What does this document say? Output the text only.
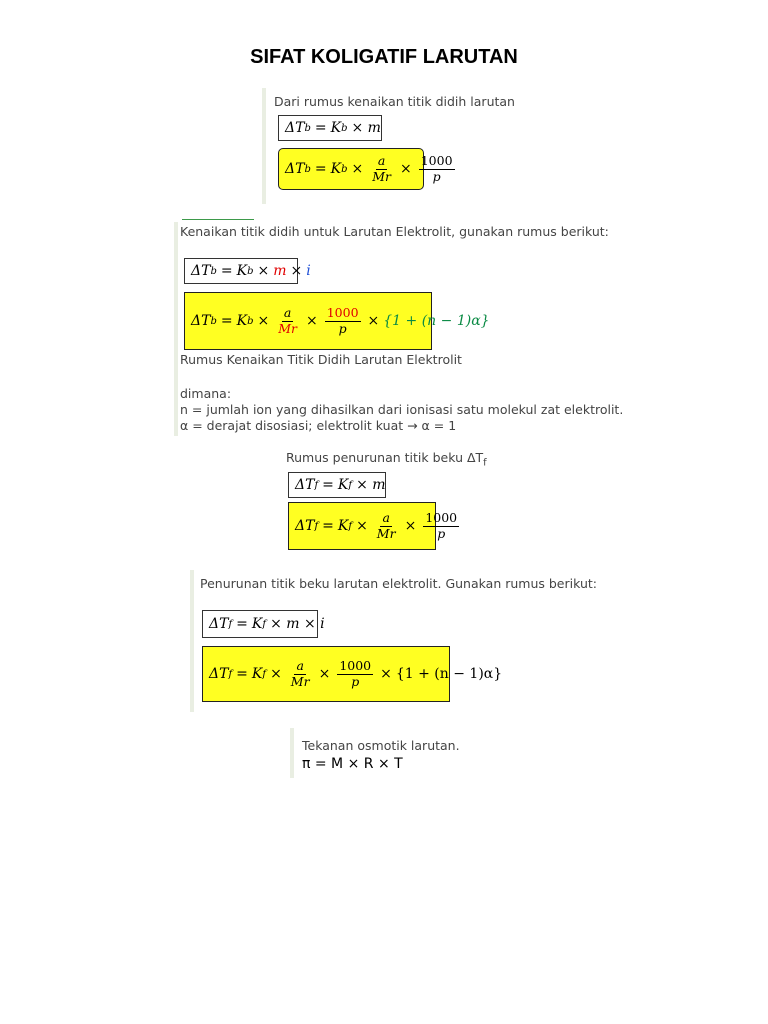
SIFAT KOLIGATIF LARUTAN
Dari rumus kenaikan titik didih larutan
ΔT b = K b × m
ΔT b = K $b \times \frac{a}{Mr} \times \frac{1000}{p}$
Kenaikan titik didih untuk Larutan Elektrolit, gunakan rumus berikut:
ΔT b = K b × m × i
ΔT b = K $b \times \frac{a}{Mr} \times \frac{1000}{p} \times \{1 + (n - 1)\alpha\}$
Rumus Kenaikan Titik Didih Larutan Elektrolit
dimana:
n = jumlah ion yang dihasilkan dari ionisasi satu molekul zat elektrolit.
α = derajat disosiasi; elektrolit kuat → α = 1
Rumus penurunan titik beku $\Delta T_f$
ΔT f = K f × m
ΔT f = K $f \times \frac{a}{Mr} \times \frac{1000}{p}$
Penurunan titik beku larutan elektrolit. Gunakan rumus berikut:
ΔT f = K f × m × i
ΔT f = K $f \times \frac{a}{Mr} \times \frac{1000}{p} \times \{1 + (n - 1)\alpha\}$
Tekanan osmotik larutan.
π = M × R × T
